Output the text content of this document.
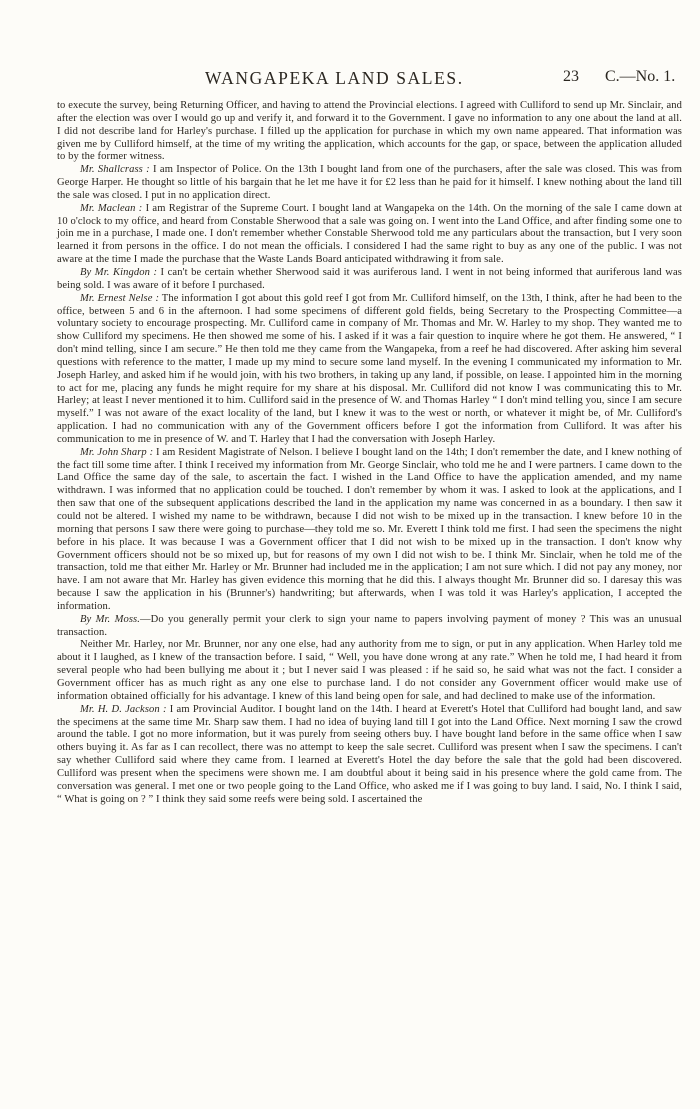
WANGAPEKA LAND SALES.	23 C.—No. 1.

to execute the survey, being Returning Officer, and having to attend the Provincial elections. I agreed with Culliford to send up Mr. Sinclair, and after the election was over I would go up and verify it, and forward it to the Government. I gave no information to any one about the land at all. I did not describe land for Harley's purchase. I filled up the application for purchase in which my own name appeared. That information was given me by Culliford himself, at the time of my writing the application, which accounts for the gap, or space, between the application alluded to by the former witness.

Mr. Shallcrass : I am Inspector of Police. On the 13th I bought land from one of the purchasers, after the sale was closed. This was from George Harper. He thought so little of his bargain that he let me have it for £2 less than he paid for it himself. I knew nothing about the land till the sale was closed. I put in no application direct.

Mr. Maclean : I am Registrar of the Supreme Court. I bought land at Wangapeka on the 14th. On the morning of the sale I came down at 10 o'clock to my office, and heard from Constable Sherwood that a sale was going on. I went into the Land Office, and after finding some one to join me in a purchase, I made one. I don't remember whether Constable Sherwood told me any particulars about the transaction, but I very soon learned it from persons in the office. I do not mean the officials. I considered I had the same right to buy as any one of the public. I was not aware at the time I made the purchase that the Waste Lands Board anticipated withdrawing it from sale.

By Mr. Kingdon : I can't be certain whether Sherwood said it was auriferous land. I went in not being informed that auriferous land was being sold. I was aware of it before I purchased.

Mr. Ernest Nelse : The information I got about this gold reef I got from Mr. Culliford himself, on the 13th, I think, after he had been to the office, between 5 and 6 in the afternoon. I had some specimens of different gold fields, being Secretary to the Prospecting Committee—a voluntary society to encourage prospecting. Mr. Culliford came in company of Mr. Thomas and Mr. W. Harley to my shop. They wanted me to show Culliford my specimens. He then showed me some of his. I asked if it was a fair question to inquire where he got them. He answered, “ I don't mind telling, since I am secure.” He then told me they came from the Wangapeka, from a reef he had discovered. After asking him several questions with reference to the matter, I made up my mind to secure some land myself. In the evening I communicated my information to Mr. Joseph Harley, and asked him if he would join, with his two brothers, in taking up any land, if possible, on lease. I appointed him in the morning to act for me, placing any funds he might require for my share at his disposal. Mr. Culliford did not know I was communicating this to Mr. Harley; at least I never mentioned it to him. Culliford said in the presence of W. and Thomas Harley “ I don't mind telling you, since I am secure myself.” I was not aware of the exact locality of the land, but I knew it was to the west or north, or whatever it might be, of Mr. Culliford's application. I had no communication with any of the Government officers before I got the information from Culliford. It was after his communication to me in presence of W. and T. Harley that I had the conversation with Joseph Harley.

Mr. John Sharp : I am Resident Magistrate of Nelson. I believe I bought land on the 14th; I don't remember the date, and I knew nothing of the fact till some time after. I think I received my information from Mr. George Sinclair, who told me he and I were partners. I came down to the Land Office the same day of the sale, to ascertain the fact. I wished in the Land Office to have the application amended, and my name withdrawn. I was informed that no application could be touched. I don't remember by whom it was. I asked to look at the applications, and I then saw that one of the subsequent applications described the land in the application my name was concerned in as a boundary. I then saw it could not be altered. I wished my name to be withdrawn, because I did not wish to be mixed up in the transaction. I knew before 10 in the morning that persons I saw there were going to purchase—they told me so. Mr. Everett I think told me first. I had seen the specimens the night before in his place. It was because I was a Government officer that I did not wish to be mixed up in the transaction. I don't know why Government officers should not be so mixed up, but for reasons of my own I did not wish to be. I think Mr. Sinclair, when he told me of the transaction, told me that either Mr. Harley or Mr. Brunner had included me in the application; I am not sure which. I did not pay any money, nor have. I am not aware that Mr. Harley has given evidence this morning that he did this. I always thought Mr. Brunner did so. I daresay this was because I saw the application in his (Brunner's) handwriting; but afterwards, when I was told it was Harley's application, I accepted the information.

By Mr. Moss.—Do you generally permit your clerk to sign your name to papers involving payment of money ? This was an unusual transaction.

Neither Mr. Harley, nor Mr. Brunner, nor any one else, had any authority from me to sign, or put in any application. When Harley told me about it I laughed, as I knew of the transaction before. I said, “ Well, you have done wrong at any rate.” When he told me, I had heard it from several people who had been bullying me about it ; but I never said I was pleased : if he said so, he said what was not the fact. I consider a Government officer has as much right as any one else to purchase land. I do not consider any Government officer would make use of information obtained officially for his advantage. I knew of this land being open for sale, and had declined to make use of the information.

Mr. H. D. Jackson : I am Provincial Auditor. I bought land on the 14th. I heard at Everett's Hotel that Culliford had bought land, and saw the specimens at the same time Mr. Sharp saw them. I had no idea of buying land till I got into the Land Office. Next morning I saw the crowd around the table. I got no more information, but it was purely from seeing others buy. I have bought land before in the same office when I saw others buying it. As far as I can recollect, there was no attempt to keep the sale secret. Culliford was present when I saw the specimens. I can't say whether Culliford said where they came from. I learned at Everett's Hotel the day before the sale that the gold had been discovered. Culliford was present when the specimens were shown me. I am doubtful about it being said in his presence where the gold came from. The conversation was general. I met one or two people going to the Land Office, who asked me if I was going to buy land. I said, No. I think I said, “ What is going on ? ” I think they said some reefs were being sold. I ascertained the
